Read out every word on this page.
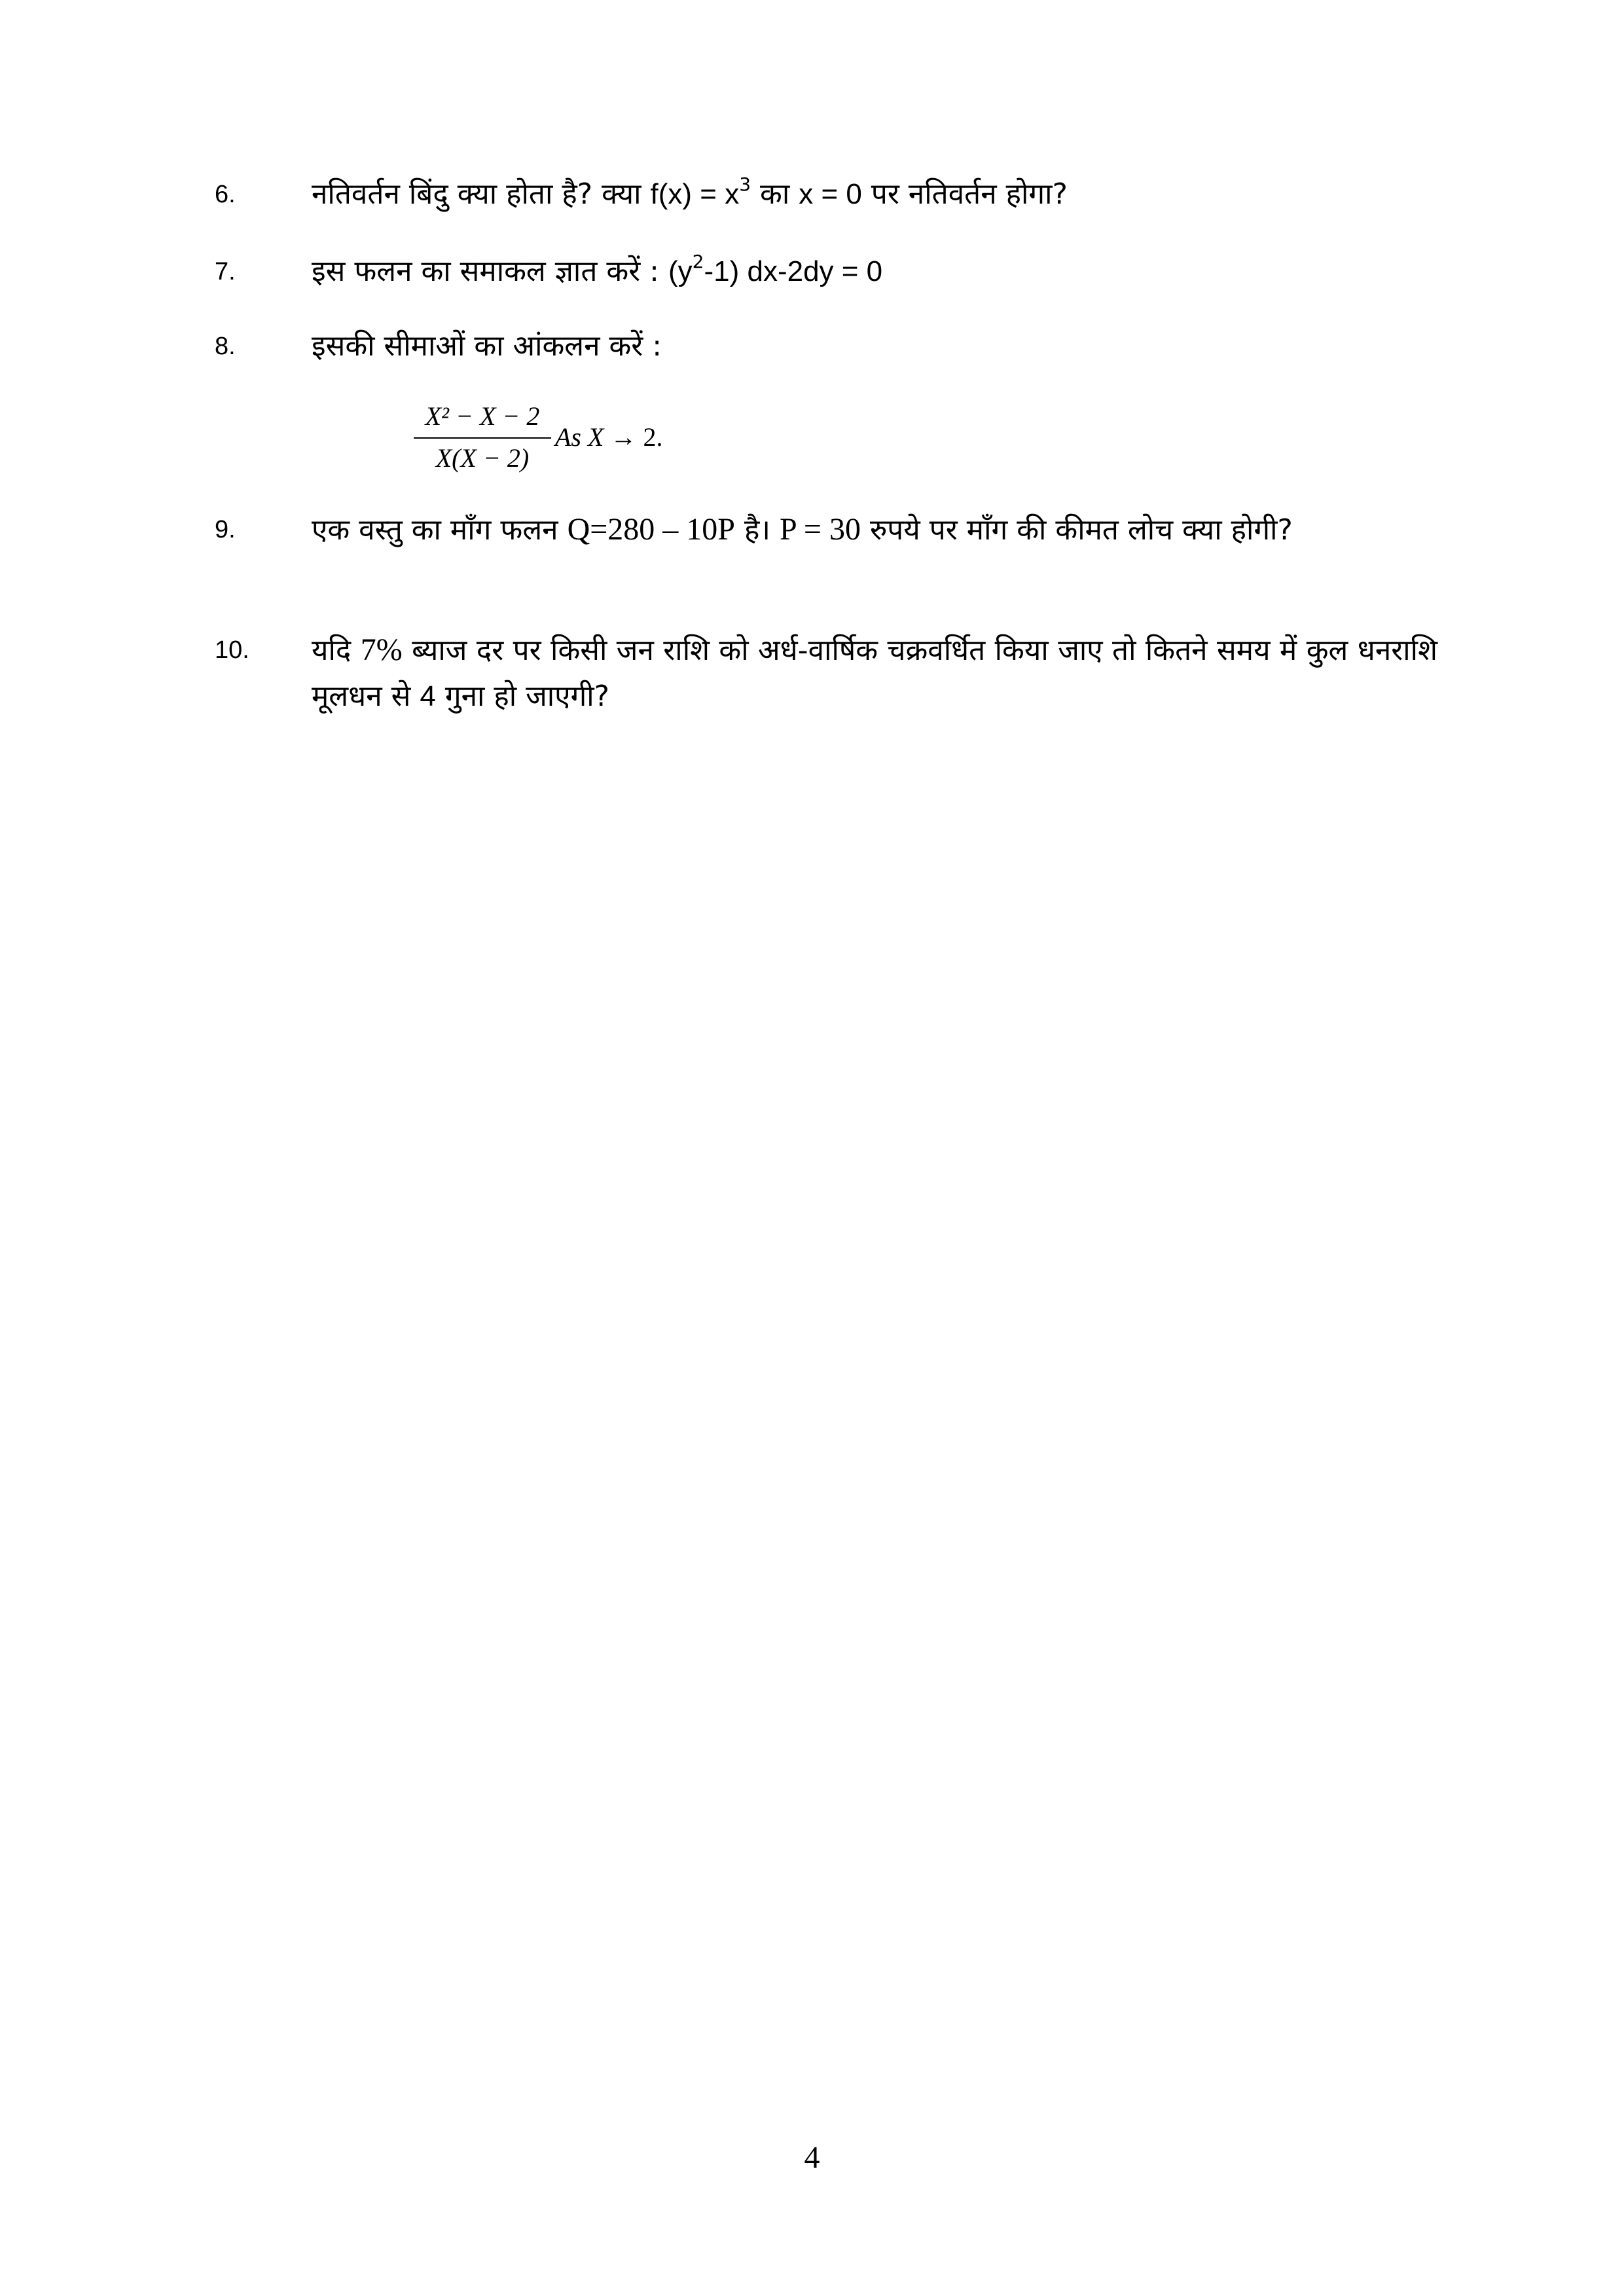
6.	नतिवर्तन बिंदु क्या होता है? क्या $f(x) = x^3$ का x = 0 पर नतिवर्तन होगा?
7.	इस फलन का समाकल ज्ञात करें : $(y^2-1) dx-2dy = 0$
8.	इसकी सीमाओं का आंकलन करें :
X² − X − 2
X(X − 2)
As X → 2.
9.	एक वस्तु का माँग फलन Q=280 – 10P है। P = 30 रुपये पर माँग की कीमत लोच क्या होगी?
10. यदि 7% ब्याज दर पर किसी जन राशि को अर्ध-वार्षिक चक्रवर्धित किया जाए तो कितने समय में कुल धनराशि मूलधन से 4 गुना हो जाएगी?
4
